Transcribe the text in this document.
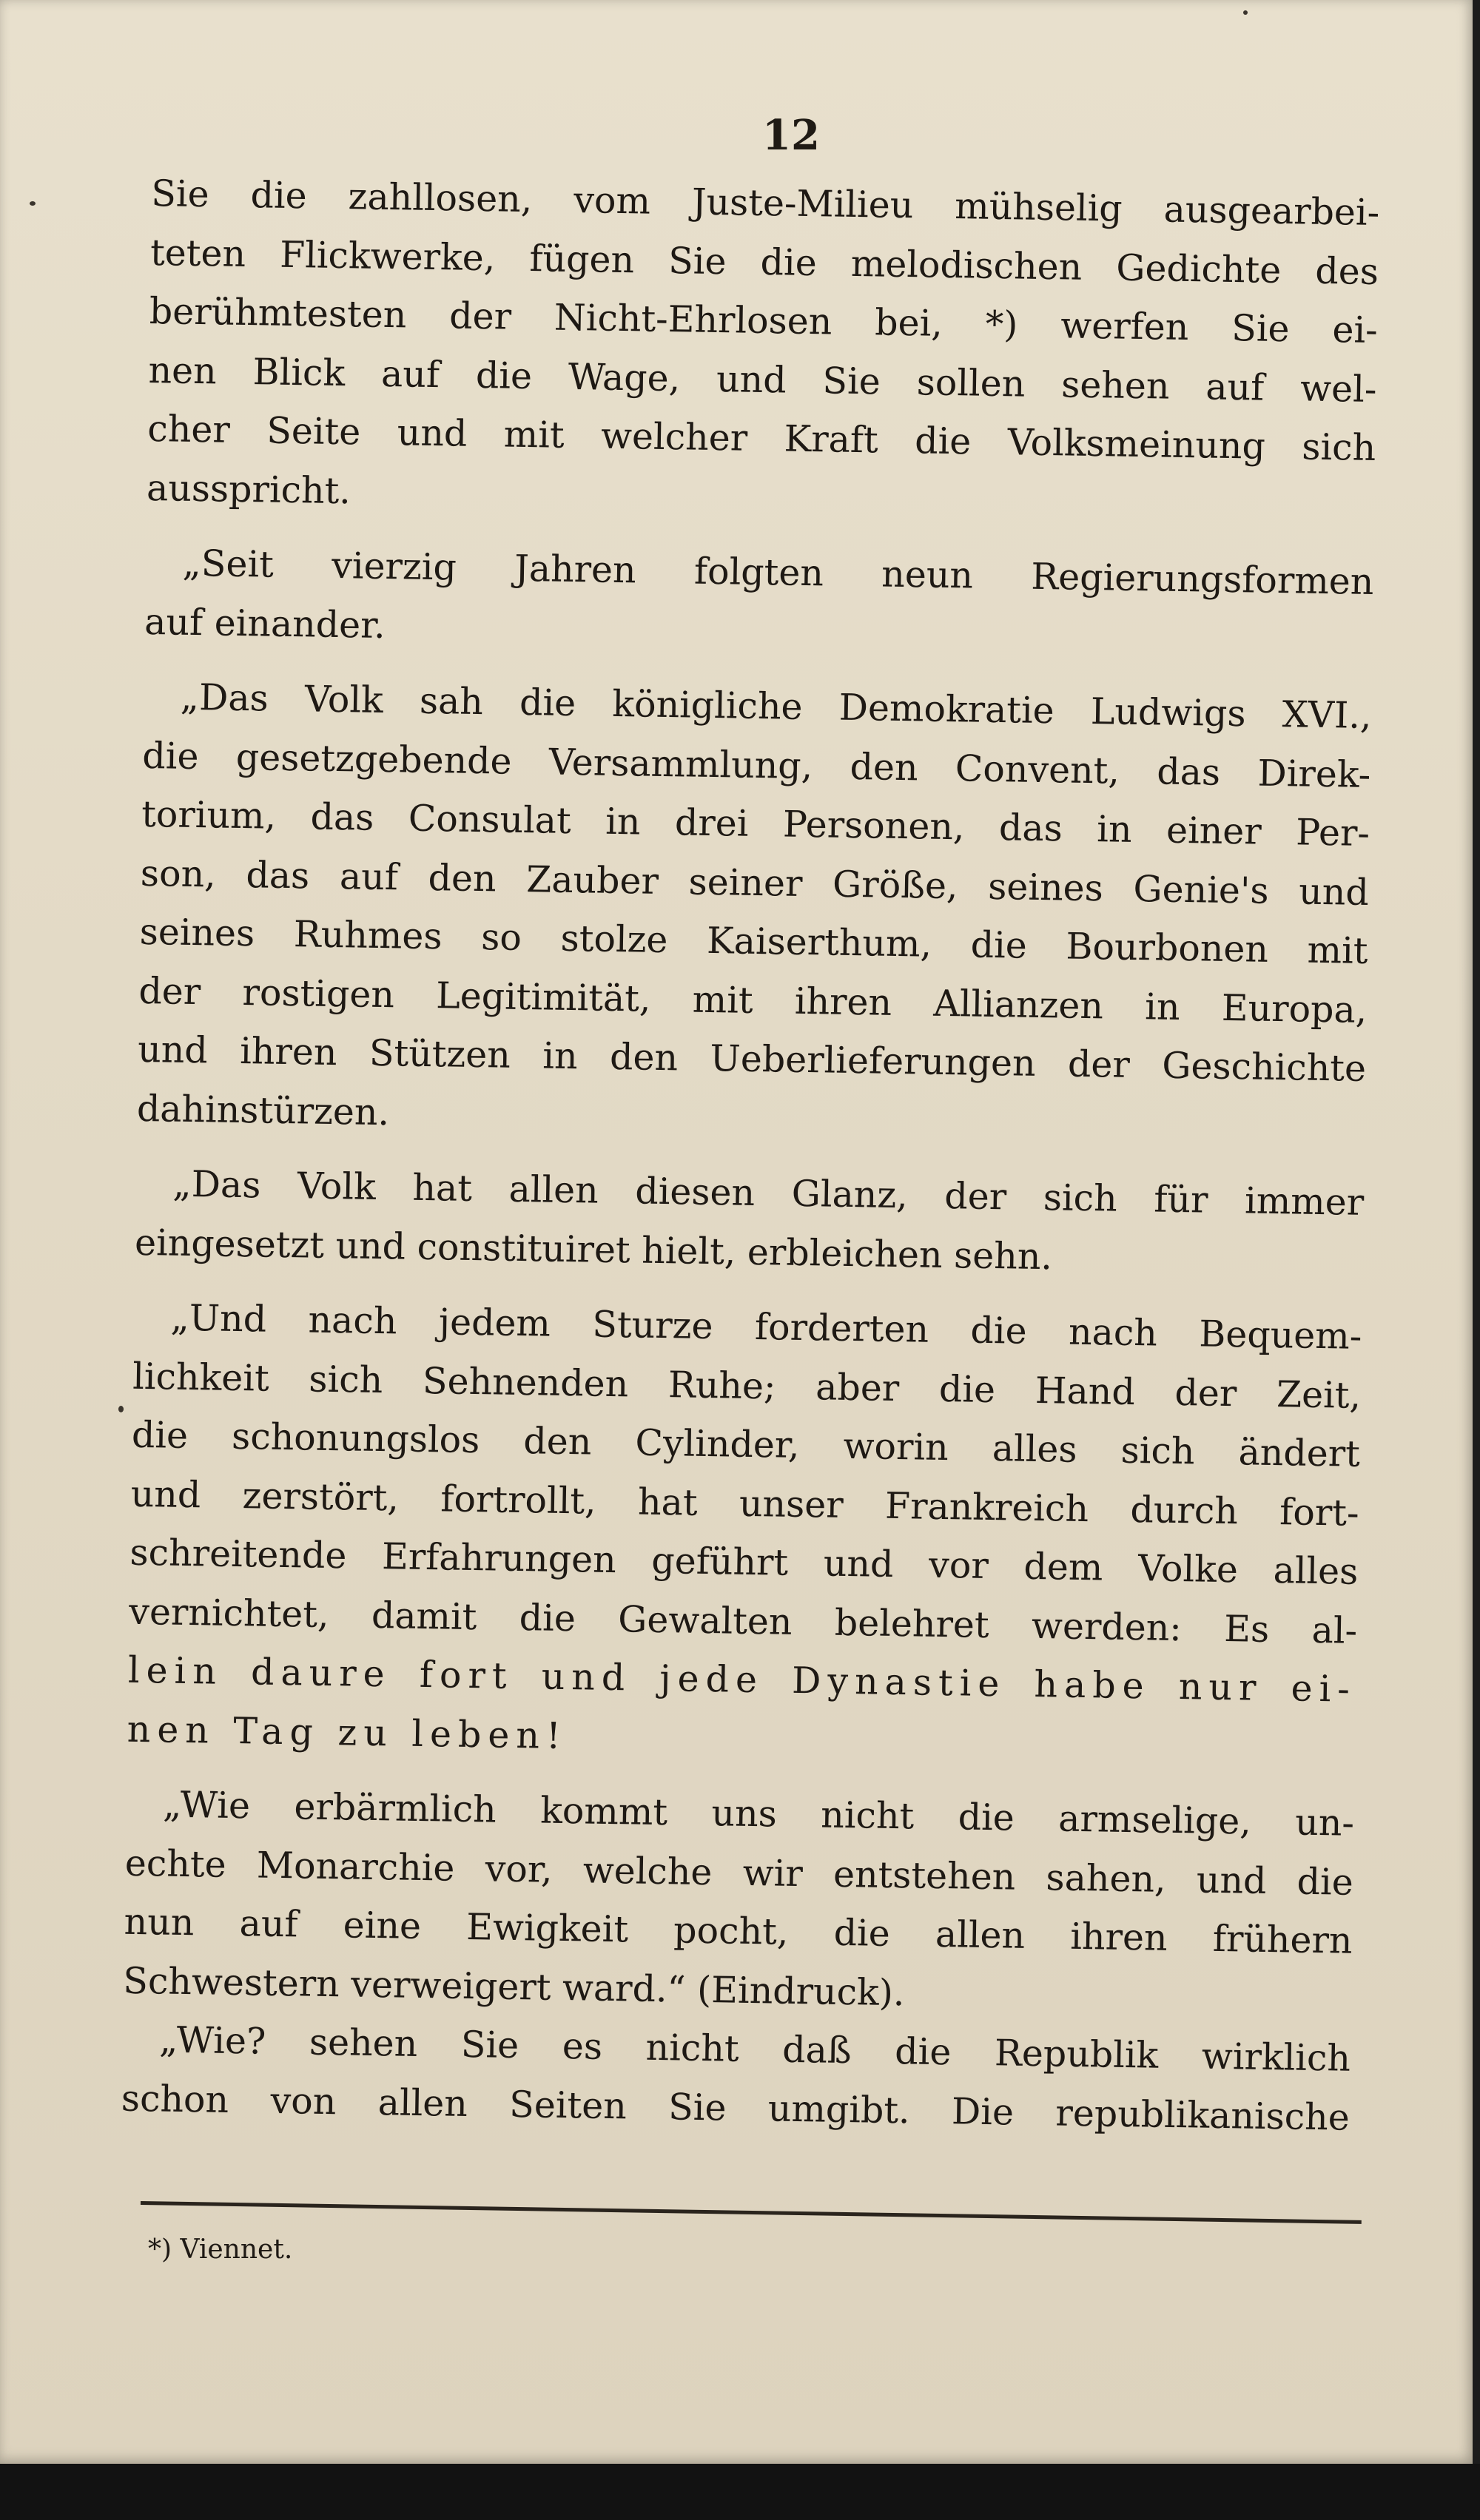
12
Sie die zahllosen, vom Juste-Milieu mühselig ausgearbei-
teten Flickwerke, fügen Sie die melodischen Gedichte des
berühmtesten der Nicht-Ehrlosen bei, *) werfen Sie ei-
nen Blick auf die Wage, und Sie sollen sehen auf wel-
cher Seite und mit welcher Kraft die Volksmeinung sich
ausspricht.
„Seit vierzig Jahren folgten neun Regierungsformen
auf einander.
„Das Volk sah die königliche Demokratie Ludwigs XVI.,
die gesetzgebende Versammlung, den Convent, das Direk-
torium, das Consulat in drei Personen, das in einer Per-
son, das auf den Zauber seiner Größe, seines Genie's und
seines Ruhmes so stolze Kaiserthum, die Bourbonen mit
der rostigen Legitimität, mit ihren Allianzen in Europa,
und ihren Stützen in den Ueberlieferungen der Geschichte
dahinstürzen.
„Das Volk hat allen diesen Glanz, der sich für immer
eingesetzt und constituiret hielt, erbleichen sehn.
„Und nach jedem Sturze forderten die nach Bequem-
lichkeit sich Sehnenden Ruhe; aber die Hand der Zeit,
die schonungslos den Cylinder, worin alles sich ändert
und zerstört, fortrollt, hat unser Frankreich durch fort-
schreitende Erfahrungen geführt und vor dem Volke alles
vernichtet, damit die Gewalten belehret werden: Es al-
lein daure fort und jede Dynastie habe nur ei-
nen Tag zu leben!
„Wie erbärmlich kommt uns nicht die armselige, un-
echte Monarchie vor, welche wir entstehen sahen, und die
nun auf eine Ewigkeit pocht, die allen ihren frühern
Schwestern verweigert ward.“ (Eindruck).
„Wie? sehen Sie es nicht daß die Republik wirklich
schon von allen Seiten Sie umgibt. Die republikanische
*) Viennet.
